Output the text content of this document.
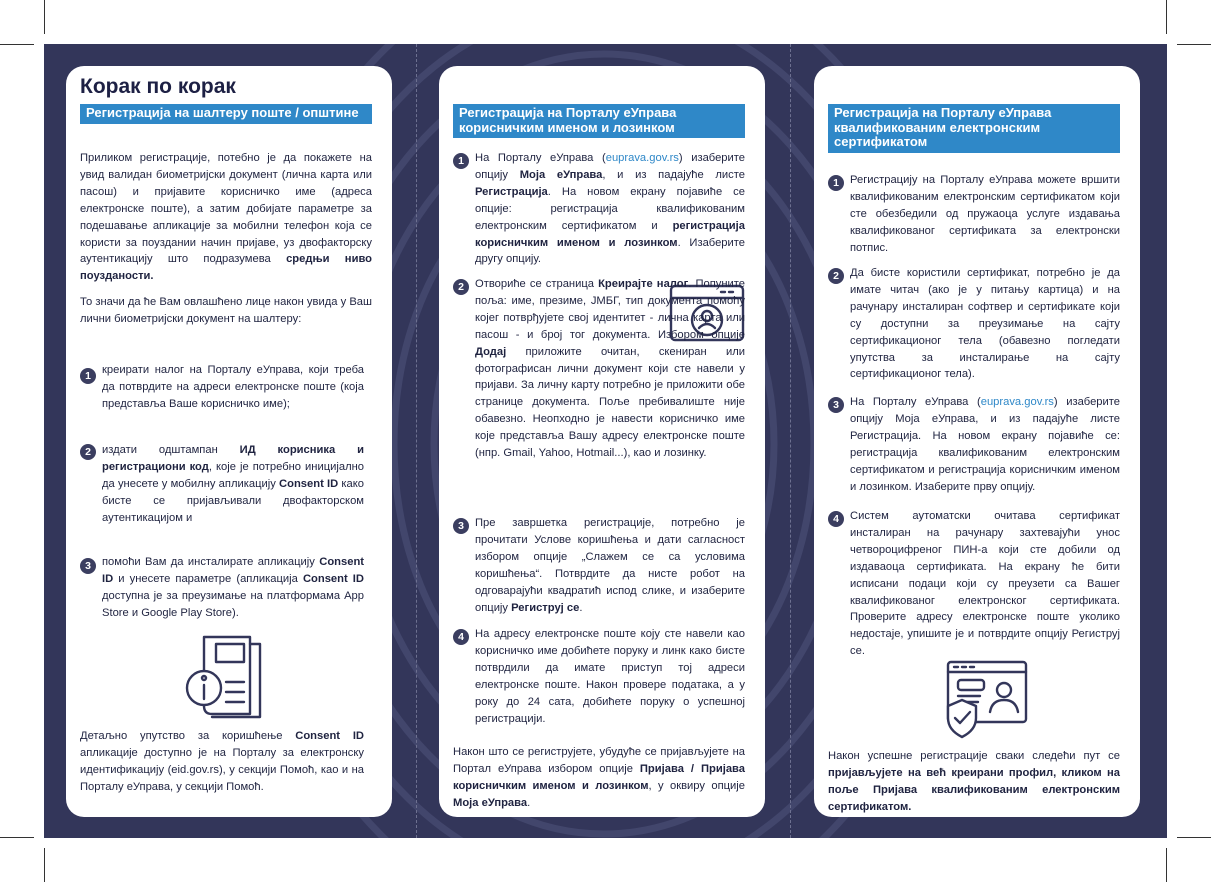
Корак по корак
Регистрација на шалтеру поште / општине

Приликом регистрације, потебно је да покажете на увид валидан биометријски документ (лична карта или пасош) и пријавите корисничко име (адреса електронске поште), а затим добијате параметре за подешавање апликације за мобилни телефон која се користи за поуздании начин пријаве, уз двофакторску аутентикацију што подразумева средњи ниво поузданости.

То значи да ће Вам овлашћено лице након увида у Ваш лични биометријски документ на шалтеру:

1 креирати налог на Порталу еУправа, који треба да потврдите на адреси електронске поште (која представља Ваше корисничко име);

2 издати одштампан ИД корисника и регистрациони код, које је потребно иницијално да унесете у мобилну апликацију Consent ID како бисте се пријављивали двофакторском аутентикацијом и

3 помоћи Вам да инсталирате апликацију Consent ID и унесете параметре (апликација Consent ID доступна је за преузимање на платформама App Store и Google Play Store).

Детаљно упутство за коришћење Consent ID апликације доступно је на Порталу за електронску идентификацију (eid.gov.rs), у секцији Помоћ, као и на Порталу еУправа, у секцији Помоћ.

Регистрација на Порталу еУправа корисничким именом и лозинком
1 На Порталу еУправа (euprava.gov.rs) изаберите опцију Моја еУправа, и из падајуће листе Регистрација. На новом екрану појавиће се опције: регистрација квалификованим електронским сертификатом и регистрација корисничким именом и лозинком. Изаберите другу опцију.

2 Отвориће се страница Креирајте налог. Попуните поља: име, презиме, ЈМБГ, тип документа помоћу којег потврђујете свој идентитет - лична карта или пасош - и број тог документа. Избором опције Додај приложите очитан, скениран или фотографисан лични документ који сте навели у пријави. За личну карту потребно је приложити обе странице документа. Поље пребивалиште није обавезно. Неопходно је навести корисничко име које представља Вашу адресу електронске поште (нпр. Gmail, Yahoo, Hotmail...), као и лозинку.

3 Пре завршетка регистрације, потребно је прочитати Услове коришћења и дати сагласност избором опције „Слажем се са условима коришћења“. Потврдите да нисте робот на одговарајући квадратић испод слике, и изаберите опцију Региструј се.

4 На адресу електронске поште коју сте навели као корисничко име добићете поруку и линк како бисте потврдили да имате приступ тој адреси електронске поште. Након провере података, а у року до 24 сата, добићете поруку о успешној регистрацији.

Након што се региструјете, убудуће се пријављујете на Портал еУправа избором опције Пријава / Пријава корисничким именом и лозинком, у оквиру опције Моја еУправа.

Регистрација на Порталу еУправа квалификованим електронским сертификатом
1 Регистрацију на Порталу еУправа можете вршити квалификованим електронским сертификатом који сте обезбедили од пружаоца услуге издавања квалификованог сертификата за електронски потпис.

2 Да бисте користили сертификат, потребно је да имате читач (ако је у питању картица) и на рачунару инсталиран софтвер и сертификате који су доступни за преузимање на сајту сертификационог тела (обавезно погледати упутства за инсталирање на сајту сертификационог тела).

3 На Порталу еУправа (euprava.gov.rs) изаберите опцију Моја еУправа, и из падајуће листе Регистрација. На новом екрану појавиће се: регистрација квалификованим електронским сертификатом и регистрација корисничким именом и лозинком. Изаберите прву опцију.

4 Систем аутоматски очитава сертификат инсталиран на рачунару захтевајући унос четвороцифреног ПИН-а који сте добили од издаваоца сертификата. На екрану ће бити исписани подаци који су преузети са Вашег квалификованог електронског сертификата. Проверите адресу електронске поште уколико недостаје, упишите је и потврдите опцију Региструј се.

Након успешне регистрације сваки следећи пут се пријављујете на већ креирани профил, кликом на поље Пријава квалификованим електронским сертификатом.
